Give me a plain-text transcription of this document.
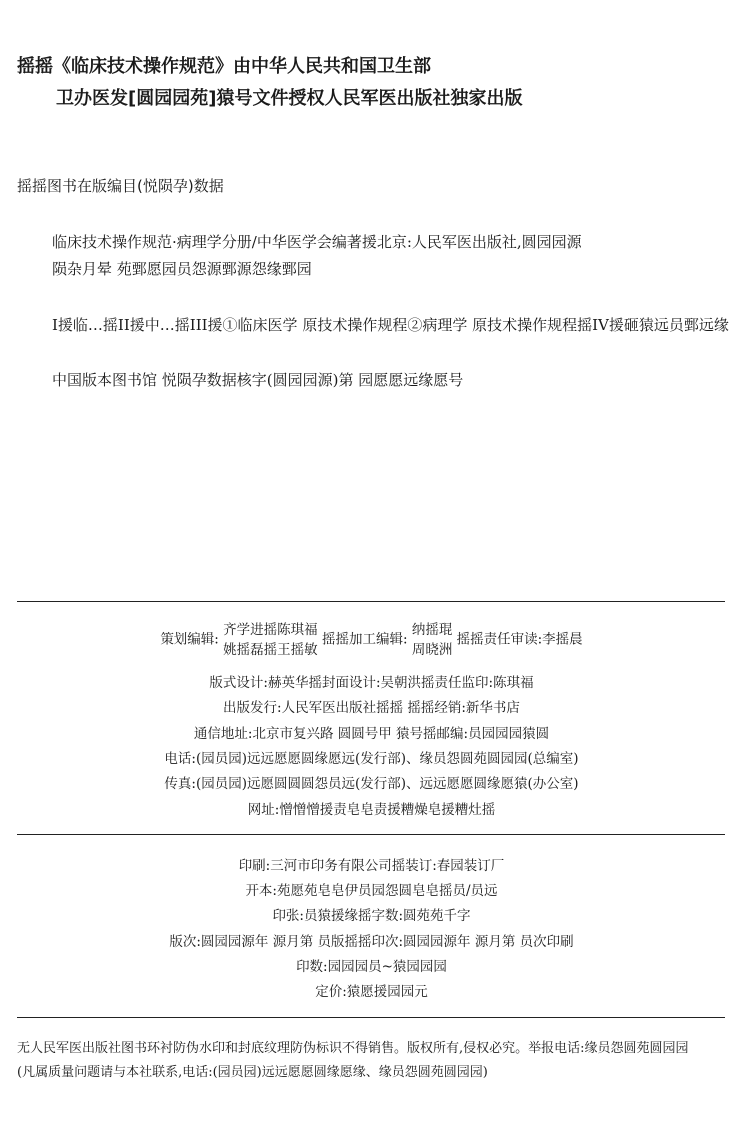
摇摇《临床技术操作规范》由中华人民共和国卫生部
卫办医发[圆园园苑]猿号文件授权人民军医出版社独家出版
摇摇图书在版编目(悦陨孕)数据
临床技术操作规范·病理学分册/中华医学会编著援北京:人民军医出版社,圆园园源
陨杂月晕 苑鄄愿园员怨源鄄源怨缘鄄园
I援临…摇II援中…摇III援①临床医学 原技术操作规程②病理学 原技术操作规程摇IV援砸猿远员鄄远缘
中国版本图书馆 悦陨孕数据核字(圆园园源)第 园愿愿远缘愿号
策划编辑:
齐学进摇陈琪福
姚摇磊摇王摇敏
摇摇加工编辑:
纳摇琨
周晓洲
摇摇责任审读:李摇晨
版式设计:赫英华摇封面设计:吴朝洪摇责任监印:陈琪福
出版发行:人民军医出版社摇摇 摇摇经销:新华书店
通信地址:北京市复兴路 圆圆号甲 猿号摇邮编:员园园园猿圆
电话:(园员园)远远愿愿圆缘愿远(发行部)、缘员怨圆苑圆园园(总编室)
传真:(园员园)远愿圆圆圆怨员远(发行部)、远远愿愿圆缘愿猿(办公室)
网址:憎憎憎援责皂皂责援糟燥皂援糟灶摇
印刷:三河市印务有限公司摇装订:春园装订厂
开本:苑愿苑皂皂伊员园怨圆皂皂摇员/员远
印张:员猿援缘摇字数:圆苑苑千字
版次:圆园园源年 源月第 员版摇摇印次:圆园园源年 源月第 员次印刷
印数:园园园员~猿园园园
定价:猿愿援园园元
无人民军医出版社图书环衬防伪水印和封底纹理防伪标识不得销售。版权所有,侵权必究。举报电话:缘员怨圆苑圆园园
(凡属质量问题请与本社联系,电话:(园员园)远远愿愿圆缘愿缘、缘员怨圆苑圆园园)
